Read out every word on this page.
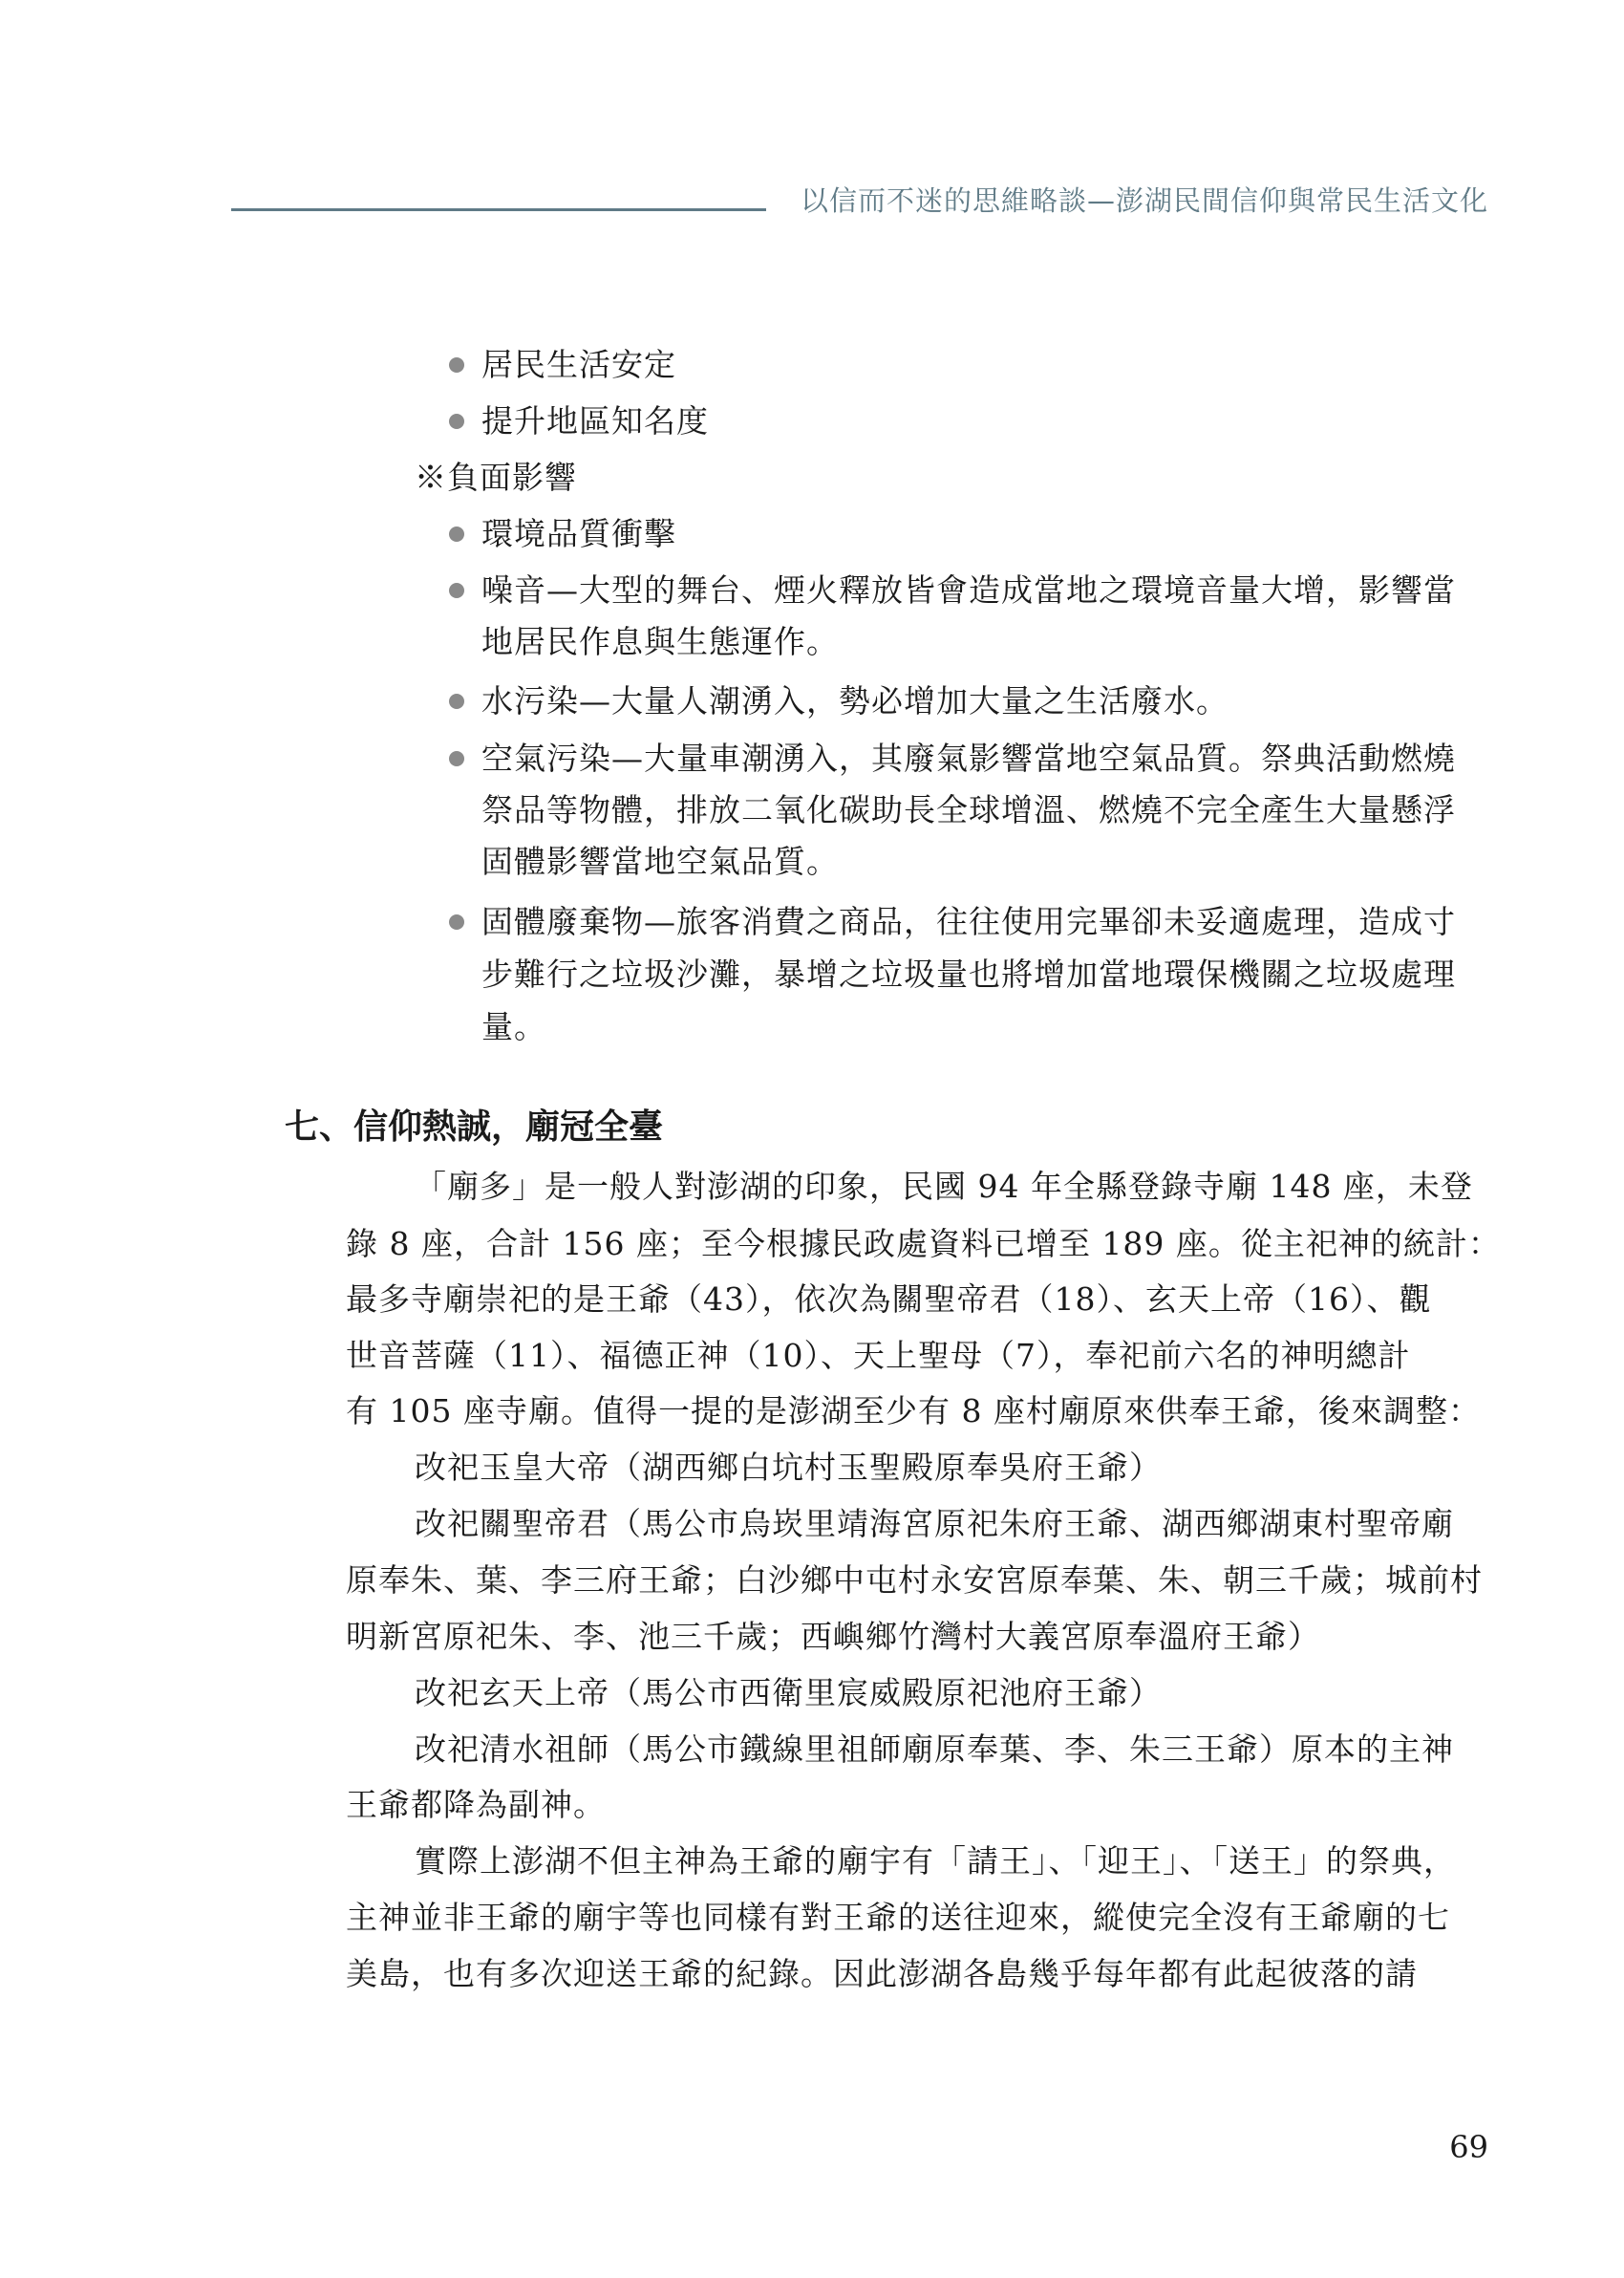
以信而不迷的思維略談—澎湖民間信仰與常民生活文化
居民生活安定
提升地區知名度
※負面影響
環境品質衝擊
噪音—大型的舞台、煙火釋放皆會造成當地之環境音量大增，影響當
地居民作息與生態運作。
水污染—大量人潮湧入，勢必增加大量之生活廢水。
空氣污染—大量車潮湧入，其廢氣影響當地空氣品質。祭典活動燃燒
祭品等物體，排放二氧化碳助長全球增溫、燃燒不完全產生大量懸浮
固體影響當地空氣品質。
固體廢棄物—旅客消費之商品，往往使用完畢卻未妥適處理，造成寸
步難行之垃圾沙灘，暴增之垃圾量也將增加當地環保機關之垃圾處理
量。
七、信仰熱誠，廟冠全臺
「廟多」是一般人對澎湖的印象，民國 94 年全縣登錄寺廟 148 座，未登
錄 8 座，合計 156 座；至今根據民政處資料已增至 189 座。從主祀神的統計：
最多寺廟崇祀的是王爺（43），依次為關聖帝君（18）、玄天上帝（16）、觀
世音菩薩（11）、福德正神（10）、天上聖母（7），奉祀前六名的神明總計
有 105 座寺廟。值得一提的是澎湖至少有 8 座村廟原來供奉王爺，後來調整：
改祀玉皇大帝（湖西鄉白坑村玉聖殿原奉吳府王爺）
改祀關聖帝君（馬公市烏崁里靖海宮原祀朱府王爺、湖西鄉湖東村聖帝廟
原奉朱、葉、李三府王爺；白沙鄉中屯村永安宮原奉葉、朱、朝三千歲；城前村
明新宮原祀朱、李、池三千歲；西嶼鄉竹灣村大義宮原奉溫府王爺）
改祀玄天上帝（馬公市西衛里宸威殿原祀池府王爺）
改祀清水祖師（馬公市鐵線里祖師廟原奉葉、李、朱三王爺）原本的主神
王爺都降為副神。
實際上澎湖不但主神為王爺的廟宇有「請王」、「迎王」、「送王」的祭典，
主神並非王爺的廟宇等也同樣有對王爺的送往迎來，縱使完全沒有王爺廟的七
美島，也有多次迎送王爺的紀錄。因此澎湖各島幾乎每年都有此起彼落的請
69
